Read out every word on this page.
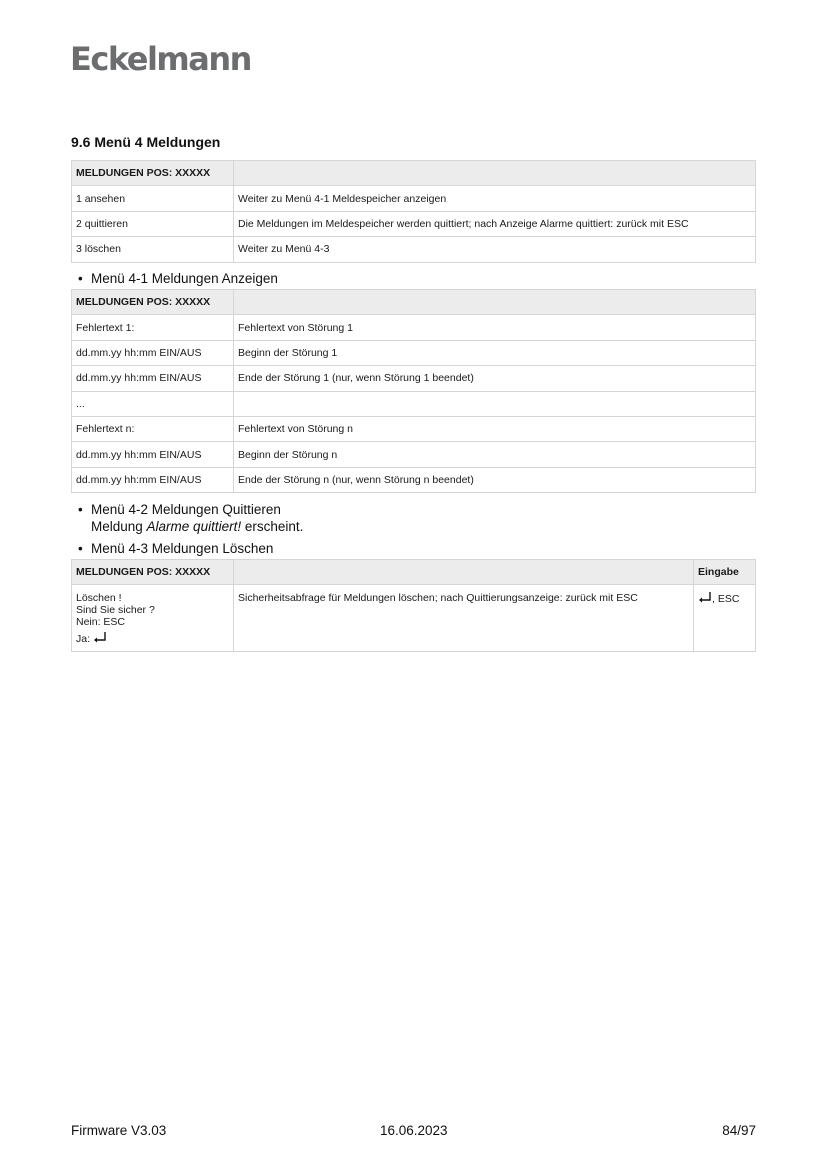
Eckelmann
9.6 Menü 4 Meldungen
MELDUNGEN POS: XXXXX	
1 ansehen	Weiter zu Menü 4-1 Meldespeicher anzeigen
2 quittieren	Die Meldungen im Meldespeicher werden quittiert; nach Anzeige Alarme quittiert: zurück mit ESC
3 löschen	Weiter zu Menü 4-3
• Menü 4-1 Meldungen Anzeigen
MELDUNGEN POS: XXXXX	
Fehlertext 1:	Fehlertext von Störung 1
dd.mm.yy hh:mm EIN/AUS	Beginn der Störung 1
dd.mm.yy hh:mm EIN/AUS	Ende der Störung 1 (nur, wenn Störung 1 beendet)
...	
Fehlertext n:	Fehlertext von Störung n
dd.mm.yy hh:mm EIN/AUS	Beginn der Störung n
dd.mm.yy hh:mm EIN/AUS	Ende der Störung n (nur, wenn Störung n beendet)
• Menü 4-2 Meldungen Quittieren
Meldung Alarme quittiert! erscheint.
• Menü 4-3 Meldungen Löschen
MELDUNGEN POS: XXXXX		Eingabe

Löschen !
Sind Sie sicher ?
Nein: ESC
Ja:	Sicherheitsabfrage für Meldungen löschen; nach Quittierungsanzeige: zurück mit ESC	, ESC
Firmware V3.03	16.06.2023	84/97
